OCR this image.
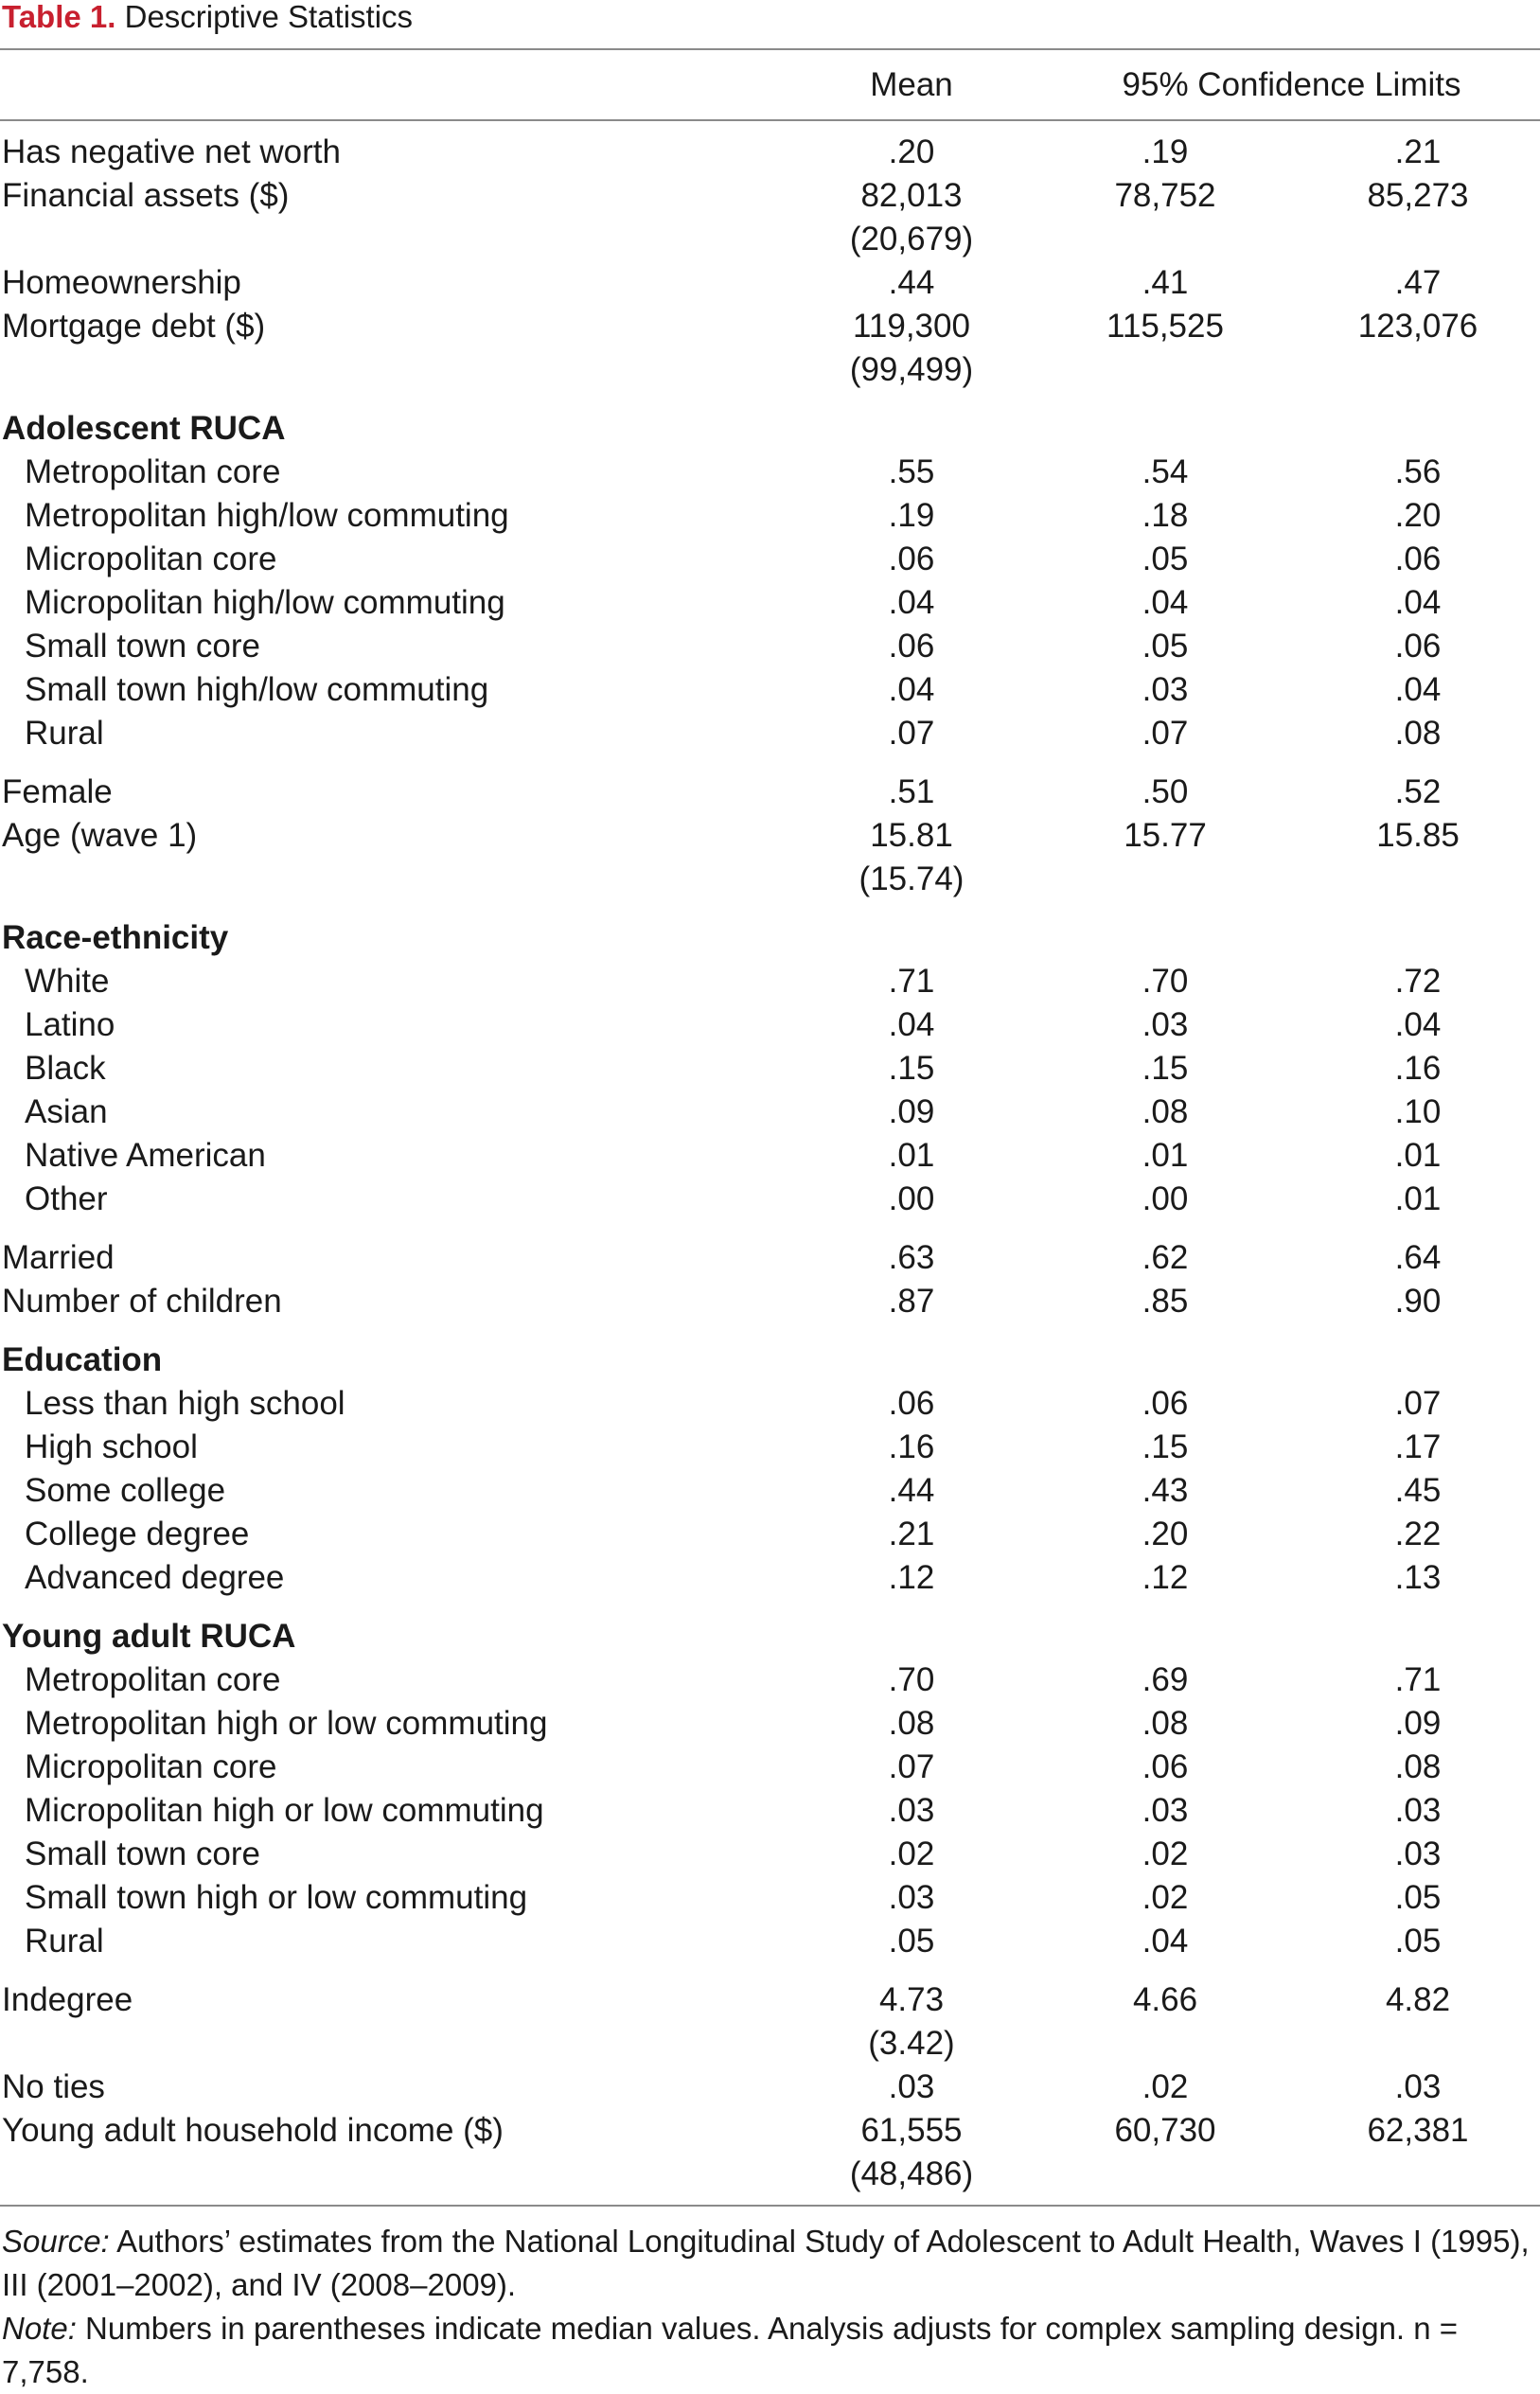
Table 1. Descriptive Statistics
Mean	95% Confidence Limits
Has negative net worth	.20	.19	.21
Financial assets ($)	82,013	78,752	85,273
(20,679)
Homeownership	.44	.41	.47
Mortgage debt ($)	119,300	115,525	123,076
(99,499)
Adolescent RUCA
Metropolitan core	.55	.54	.56
Metropolitan high/low commuting	.19	.18	.20
Micropolitan core	.06	.05	.06
Micropolitan high/low commuting	.04	.04	.04
Small town core	.06	.05	.06
Small town high/low commuting	.04	.03	.04
Rural	.07	.07	.08
Female	.51	.50	.52
Age (wave 1)	15.81	15.77	15.85
(15.74)
Race-ethnicity
White	.71	.70	.72
Latino	.04	.03	.04
Black	.15	.15	.16
Asian	.09	.08	.10
Native American	.01	.01	.01
Other	.00	.00	.01
Married	.63	.62	.64
Number of children	.87	.85	.90
Education
Less than high school	.06	.06	.07
High school	.16	.15	.17
Some college	.44	.43	.45
College degree	.21	.20	.22
Advanced degree	.12	.12	.13
Young adult RUCA
Metropolitan core	.70	.69	.71
Metropolitan high or low commuting	.08	.08	.09
Micropolitan core	.07	.06	.08
Micropolitan high or low commuting	.03	.03	.03
Small town core	.02	.02	.03
Small town high or low commuting	.03	.02	.05
Rural	.05	.04	.05
Indegree	4.73	4.66	4.82
(3.42)
No ties	.03	.02	.03
Young adult household income ($)	61,555	60,730	62,381
(48,486)

Source: Authors’ estimates from the National Longitudinal Study of Adolescent to Adult Health, Waves I (1995), III (2001–2002), and IV (2008–2009).

Note: Numbers in parentheses indicate median values. Analysis adjusts for complex sampling design. n = 7,758.
